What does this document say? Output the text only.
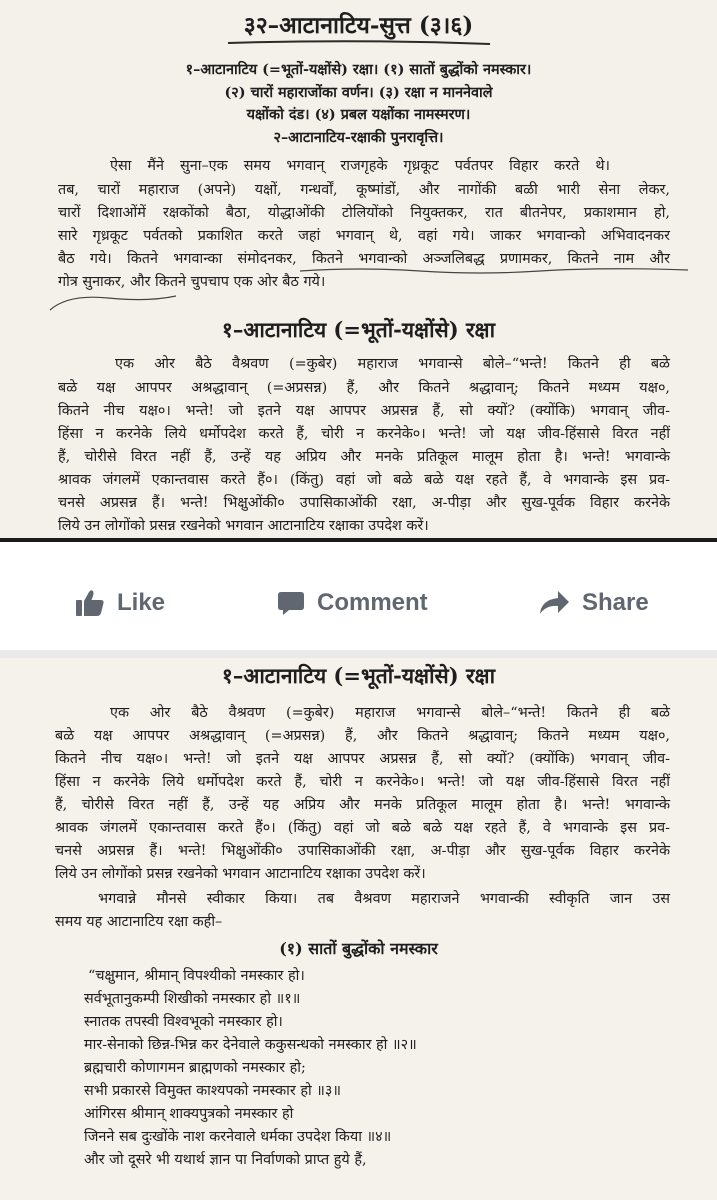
३२–आटानाटिय-सुत्त (३।६)
१–आटानाटिय (=भूतों-यक्षोंसे) रक्षा। (१) सातों बुद्धोंको नमस्कार।
(२) चारों महाराजोंका वर्णन। (३) रक्षा न माननेवाले
यक्षोंको दंड। (४) प्रबल यक्षोंका नामस्मरण।
२–आटानाटिय-रक्षाकी पुनरावृत्ति।
ऐसा मैंने सुना–एक समय भगवान् राजगृहके गृध्रकूट पर्वतपर विहार करते थे।
तब, चारों महाराज (अपने) यक्षों, गन्धर्वों, कूष्मांडों, और नागोंकी बळी भारी सेना लेकर,
चारों दिशाओंमें रक्षकोंको बैठा, योद्धाओंकी टोलियोंको नियुक्तकर, रात बीतनेपर, प्रकाशमान हो,
सारे गृध्रकूट पर्वतको प्रकाशित करते जहां भगवान् थे, वहां गये। जाकर भगवान्को अभिवादनकर
बैठ गये। कितने भगवान्का संमोदनकर, कितने भगवान्को अञ्जलिबद्ध प्रणामकर, कितने नाम और
गोत्र सुनाकर, और कितने चुपचाप एक ओर बैठ गये।
१–आटानाटिय (=भूतों-यक्षोंसे) रक्षा
एक ओर बैठे वैश्रवण (=कुबेर) महाराज भगवान्से बोले–“भन्ते! कितने ही बळे
बळे यक्ष आपपर अश्रद्धावान् (=अप्रसन्न) हैं, और कितने श्रद्धावान्; कितने मध्यम यक्ष०,
कितने नीच यक्ष०। भन्ते! जो इतने यक्ष आपपर अप्रसन्न हैं, सो क्यों? (क्योंकि) भगवान् जीव-
हिंसा न करनेके लिये धर्मोपदेश करते हैं, चोरी न करनेके०। भन्ते! जो यक्ष जीव-हिंसासे विरत नहीं
हैं, चोरीसे विरत नहीं हैं, उन्हें यह अप्रिय और मनके प्रतिकूल मालूम होता है। भन्ते! भगवान्के
श्रावक जंगलमें एकान्तवास करते हैं०। (किंतु) वहां जो बळे बळे यक्ष रहते हैं, वे भगवान्के इस प्रव-
चनसे अप्रसन्न हैं। भन्ते! भिक्षुओंकी० उपासिकाओंकी रक्षा, अ-पीड़ा और सुख-पूर्वक विहार करनेके
लिये उन लोगोंको प्रसन्न रखनेको भगवान आटानाटिय रक्षाका उपदेश करें।
Like	Comment	Share
१–आटानाटिय (=भूतों-यक्षोंसे) रक्षा
एक ओर बैठे वैश्रवण (=कुबेर) महाराज भगवान्से बोले–“भन्ते! कितने ही बळे
बळे यक्ष आपपर अश्रद्धावान् (=अप्रसन्न) हैं, और कितने श्रद्धावान्; कितने मध्यम यक्ष०,
कितने नीच यक्ष०। भन्ते! जो इतने यक्ष आपपर अप्रसन्न हैं, सो क्यों? (क्योंकि) भगवान् जीव-
हिंसा न करनेके लिये धर्मोपदेश करते हैं, चोरी न करनेके०। भन्ते! जो यक्ष जीव-हिंसासे विरत नहीं
हैं, चोरीसे विरत नहीं हैं, उन्हें यह अप्रिय और मनके प्रतिकूल मालूम होता है। भन्ते! भगवान्के
श्रावक जंगलमें एकान्तवास करते हैं०। (किंतु) वहां जो बळे बळे यक्ष रहते हैं, वे भगवान्के इस प्रव-
चनसे अप्रसन्न हैं। भन्ते! भिक्षुओंकी० उपासिकाओंकी रक्षा, अ-पीड़ा और सुख-पूर्वक विहार करनेके
लिये उन लोगोंको प्रसन्न रखनेको भगवान आटानाटिय रक्षाका उपदेश करें।
भगवान्ने मौनसे स्वीकार किया। तब वैश्रवण महाराजने भगवान्की स्वीकृति जान उस
समय यह आटानाटिय रक्षा कही–
(१) सातों बुद्धोंको नमस्कार
“चक्षुमान, श्रीमान् विपश्यीको नमस्कार हो।
सर्वभूतानुकम्पी शिखीको नमस्कार हो ॥१॥
स्नातक तपस्वी विश्वभूको नमस्कार हो।
मार-सेनाको छिन्न-भिन्न कर देनेवाले ककुसन्धको नमस्कार हो ॥२॥
ब्रह्मचारी कोणागमन ब्राह्मणको नमस्कार हो;
सभी प्रकारसे विमुक्त काश्यपको नमस्कार हो ॥३॥
आंगिरस श्रीमान् शाक्यपुत्रको नमस्कार हो
जिनने सब दुःखोंके नाश करनेवाले धर्मका उपदेश किया ॥४॥
और जो दूसरे भी यथार्थ ज्ञान पा निर्वाणको प्राप्त हुये हैं,
